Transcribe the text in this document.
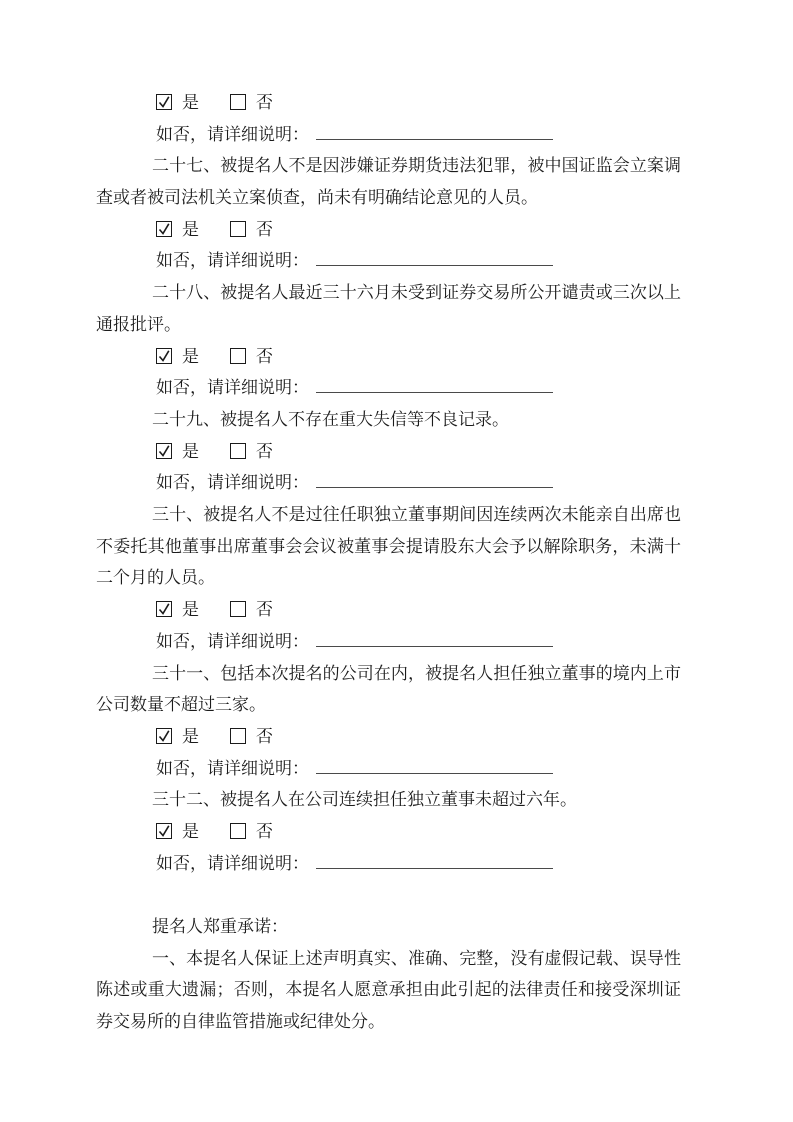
是	否
如否，请详细说明：

二十七、被提名人不是因涉嫌证券期货违法犯罪，被中国证监会立案调查或者被司法机关立案侦查，尚未有明确结论意见的人员。

是	否
如否，请详细说明：

二十八、被提名人最近三十六月未受到证券交易所公开谴责或三次以上通报批评。

是	否
如否，请详细说明：

二十九、被提名人不存在重大失信等不良记录。

是	否
如否，请详细说明：

三十、被提名人不是过往任职独立董事期间因连续两次未能亲自出席也不委托其他董事出席董事会会议被董事会提请股东大会予以解除职务，未满十二个月的人员。

是	否
如否，请详细说明：

三十一、包括本次提名的公司在内，被提名人担任独立董事的境内上市公司数量不超过三家。

是	否
如否，请详细说明：

三十二、被提名人在公司连续担任独立董事未超过六年。

是	否
如否，请详细说明：

提名人郑重承诺：

一、本提名人保证上述声明真实、准确、完整，没有虚假记载、误导性陈述或重大遗漏；否则，本提名人愿意承担由此引起的法律责任和接受深圳证券交易所的自律监管措施或纪律处分。
